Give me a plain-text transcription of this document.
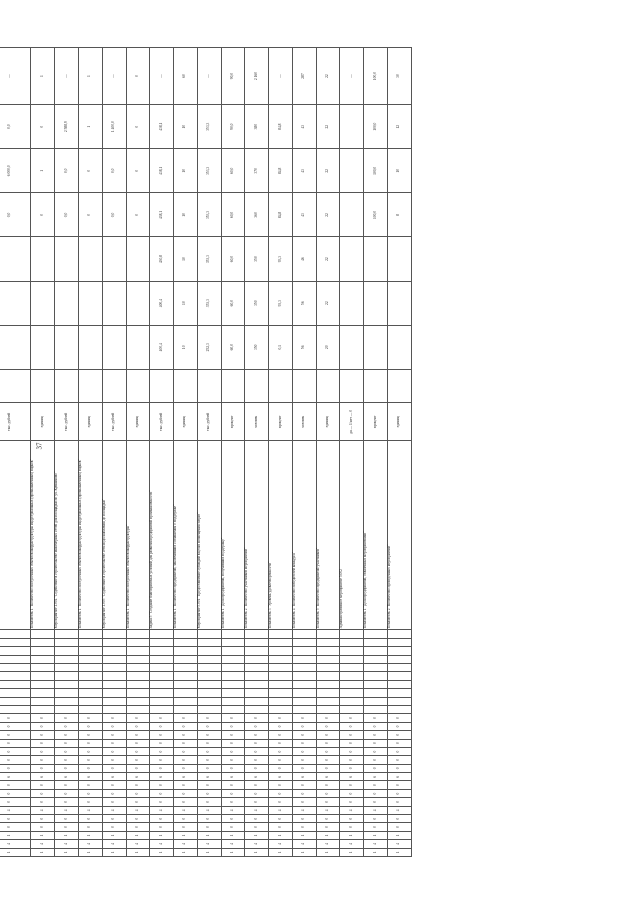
37

1	4	1	0	0	4	0	0	0	6	0	0	0	0	0	0	0												тыс. рублей					0,0	6 000,0	0,0	—
1	4	1	0	0	4	0	0	0	6	0	0	0	0	0	0	0											Показатель 1 "Количество построенных объектов инфраструктуры индустриальных (промышленных) парков"	единиц					0	1	0	1
1	4	1	0	0	4	0	0	0	6	0	0	0	0	0	0	0											Мероприятие 1.004 "Содействие в строительстве инженерных сетей для площадки по ул. Кувшиново"	тыс. рублей					0,0	0,0	2 588,9	—
1	4	1	0	0	4	0	0	0	6	0	0	0	0	0	0	0											Показатель 1 "Количество построенных объектов инфраструктуры индустриальных (промышленных) парков"	единиц					0	0	1	1
1	4	1	0	0	4	0	0	0	6	0	0	0	0	0	0	0											Мероприятие 1.005 "Содействие в строительстве сети водоснабжения до площадки"	тыс. рублей					0,0	0,0	1 400,0	—
1	4	1	0	0	4	0	0	0	6	0	0	0	0	0	0	0											Показатель 1 "Количество построенных объектов инфраструктуры"	единиц					0	0	0	0
1	4	1	0	0	4	0	0	0	6	0	0	0	0	0	0	0											Задача 5 "Создание благоприятных условий для развития предприятий промышленности"	тыс. рублей		400,4	400,4	430,8	438,1	438,1	438,1	—
1	4	1	0	0	4	0	0	0	6	0	0	0	0	0	0	0											Показатель 1 "Количество предприятий, заключивших соглашения о поддержке"	единиц		10	10	10	10	10	10	60
1	4	1	0	0	4	0	0	0	6	0	0	0	0	0	0	0											Мероприятие 5.001 "Предоставление субсидий в целях возмещения затрат"	тыс. рублей		252,3	353,3	353,3	353,3	353,3	353,3	—
1	4	1	0	0	4	0	0	0	6	0	0	0	0	0	0	0											Показатель 1 "Доля предприятий, получивших поддержку"	процент		60,0	60,0	60,0	60,0	60,0	90,0	90,0
1	4	1	0	0	4	0	0	0	6	0	0	0	0	0	0	0											Показатель 2 "Количество участников мероприятий"	человек		350	350	350	360	370	380	2 160
1	4	1	0	0	4	0	0	0	6	0	0	0	0	0	0	0											Показатель 3 "Уровень удовлетворенности"	процент		0,1	93,3	93,3	84,8	84,8	84,8	—
1	4	1	0	0	4	0	0	0	6	0	0	0	0	0	0	0											Показатель 4 "Количество победителей конкурса"	человек		56	56	46	43	43	43	287
1	4	1	0	0	4	0	0	0	6	0	0	0	0	0	0	0											Показатель 5 "Количество предприятий-участников"	единиц		20	22	22	22	22	22	22
1	4	1	0	0	4	0	0	0	6	0	0	0	0	0	0	0											Административное мероприятие 5.002	да — 1/нет — 0								—
1	4	1	0	0	4	0	0	0	6	0	0	0	0	0	0	0											Показатель 1 "Доля предприятий, охваченных мероприятиями"	процент					100,0	100,0	100,0	100,0
1	4	1	0	0	4	0	0	0	6	0	0	0	0	0	0	0											Показатель 2 "Количество проведенных мероприятий"	единиц					8	10	12	30
